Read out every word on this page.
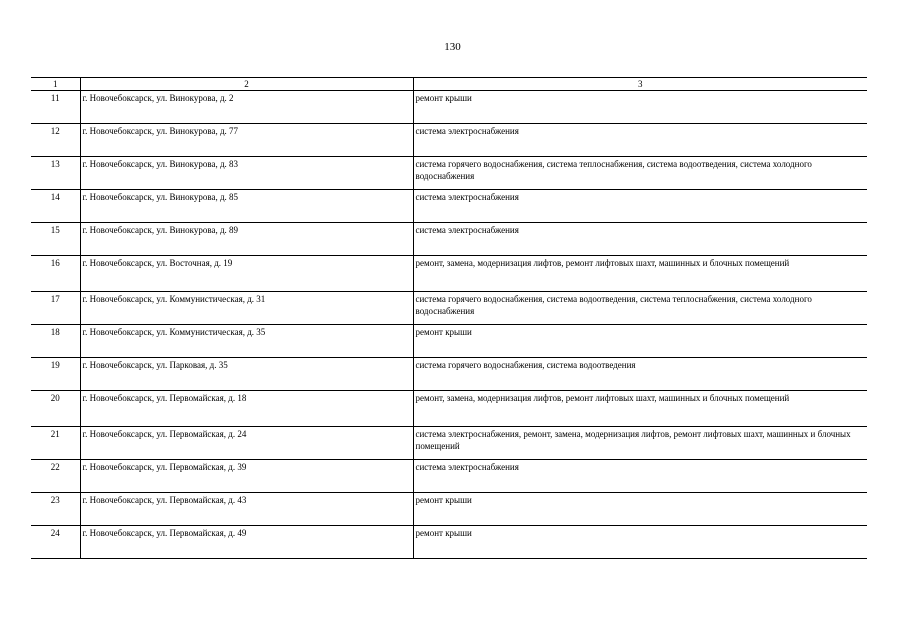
130
1	2	3
11	г. Новочебоксарск, ул. Винокурова, д. 2	ремонт крыши
12	г. Новочебоксарск, ул. Винокурова, д. 77	система электроснабжения
13	г. Новочебоксарск, ул. Винокурова, д. 83	система горячего водоснабжения, система теплоснабжения, система водоотведения, система холодного водоснабжения
14	г. Новочебоксарск, ул. Винокурова, д. 85	система электроснабжения
15	г. Новочебоксарск, ул. Винокурова, д. 89	система электроснабжения
16	г. Новочебоксарск, ул. Восточная, д. 19	ремонт, замена, модернизация лифтов, ремонт лифтовых шахт, машинных и блочных помещений
17	г. Новочебоксарск, ул. Коммунистическая, д. 31	система горячего водоснабжения, система водоотведения, система теплоснабжения, система холодного водоснабжения
18	г. Новочебоксарск, ул. Коммунистическая, д. 35	ремонт крыши
19	г. Новочебоксарск, ул. Парковая, д. 35	система горячего водоснабжения, система водоотведения
20	г. Новочебоксарск, ул. Первомайская, д. 18	ремонт, замена, модернизация лифтов, ремонт лифтовых шахт, машинных и блочных помещений
21	г. Новочебоксарск, ул. Первомайская, д. 24	система электроснабжения, ремонт, замена, модернизация лифтов, ремонт лифтовых шахт, машинных и блочных помещений
22	г. Новочебоксарск, ул. Первомайская, д. 39	система электроснабжения
23	г. Новочебоксарск, ул. Первомайская, д. 43	ремонт крыши
24	г. Новочебоксарск, ул. Первомайская, д. 49	ремонт крыши
